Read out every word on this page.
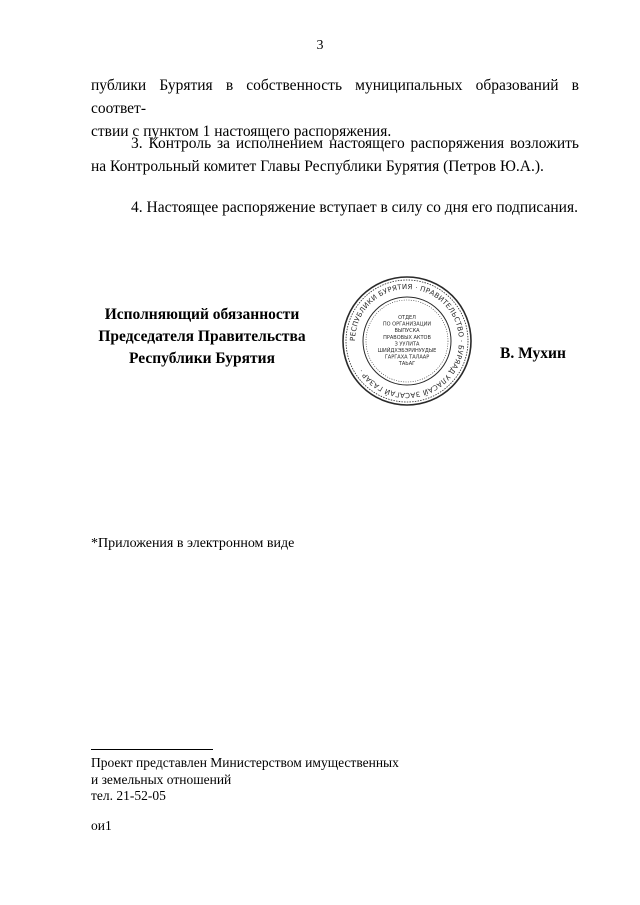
3
публики Бурятия в собственность муниципальных образований в соответ-
ствии с пунктом 1 настоящего распоряжения.
3. Контроль за исполнением настоящего распоряжения возложить на Контрольный комитет Главы Республики Бурятия (Петров Ю.А.).
4. Настоящее распоряжение вступает в силу со дня его подписания.
Исполняющий обязанности
Председателя Правительства
Республики Бурятия	В. Мухин
РЕСПУБЛИКИ БУРЯТИЯ · ПРАВИТЕЛЬСТВО · БУРЯАД УЛАСАЙ ЗАСАГАЙ ГАЗАР ·
ОТДЕЛ
ПО ОРГАНИЗАЦИИ
ВЫПУСКА
ПРАВОВЫХ АКТОВ
З УУЛИТА
ШИЙДХЭБЭРИНУУДЫЕ
ГАРГАХА ТАЛААР
ТАЬАГ
*Приложения в электронном виде
Проект представлен Министерством имущественных
и земельных отношений
тел. 21-52-05
ои1
